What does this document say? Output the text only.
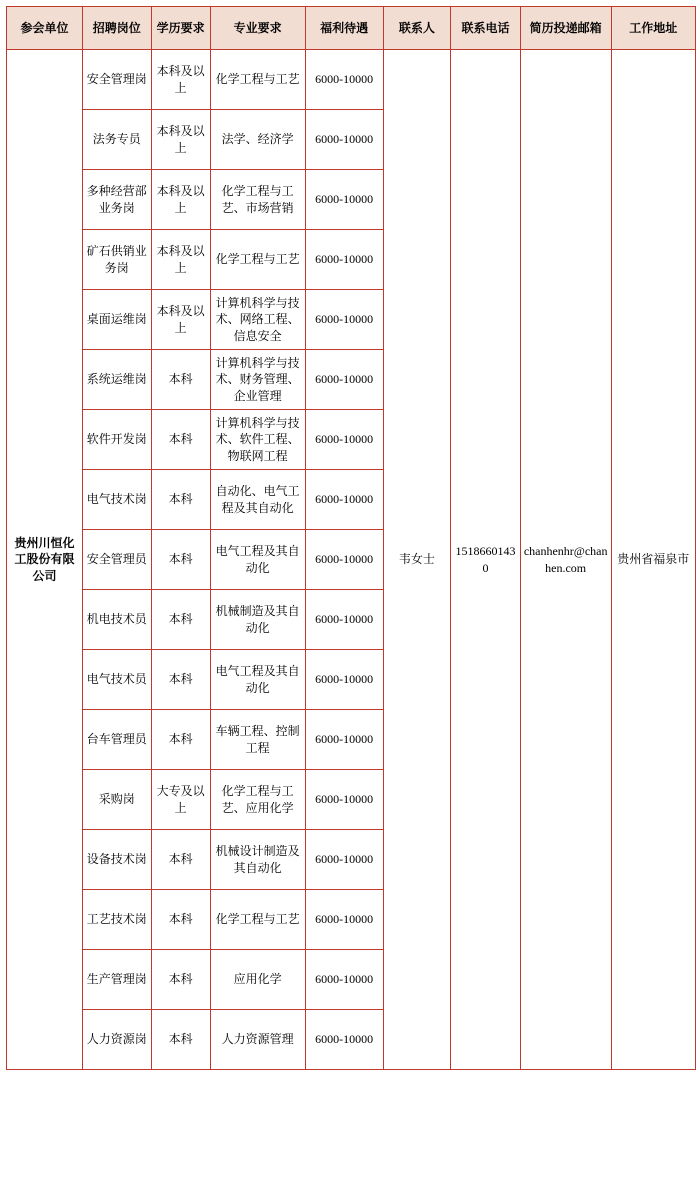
参会单位	招聘岗位	学历要求	专业要求	福利待遇	联系人	联系电话	简历投递邮箱	工作地址
贵州川恒化工股份有限公司	安全管理岗	本科及以上	化学工程与工艺	6000-10000	韦女士	15186601430	chanhenhr@chanhen.com	贵州省福泉市
	法务专员	本科及以上	法学、经济学	6000-10000				
	多种经营部业务岗	本科及以上	化学工程与工艺、市场营销	6000-10000				
	矿石供销业务岗	本科及以上	化学工程与工艺	6000-10000				
	桌面运维岗	本科及以上	计算机科学与技术、网络工程、信息安全	6000-10000				
	系统运维岗	本科	计算机科学与技术、财务管理、企业管理	6000-10000				
	软件开发岗	本科	计算机科学与技术、软件工程、物联网工程	6000-10000				
	电气技术岗	本科	自动化、电气工程及其自动化	6000-10000				
	安全管理员	本科	电气工程及其自动化	6000-10000				
	机电技术员	本科	机械制造及其自动化	6000-10000				
	电气技术员	本科	电气工程及其自动化	6000-10000				
	台车管理员	本科	车辆工程、控制工程	6000-10000				
	采购岗	大专及以上	化学工程与工艺、应用化学	6000-10000				
	设备技术岗	本科	机械设计制造及其自动化	6000-10000				
	工艺技术岗	本科	化学工程与工艺	6000-10000				
	生产管理岗	本科	应用化学	6000-10000				
	人力资源岗	本科	人力资源管理	6000-10000				
